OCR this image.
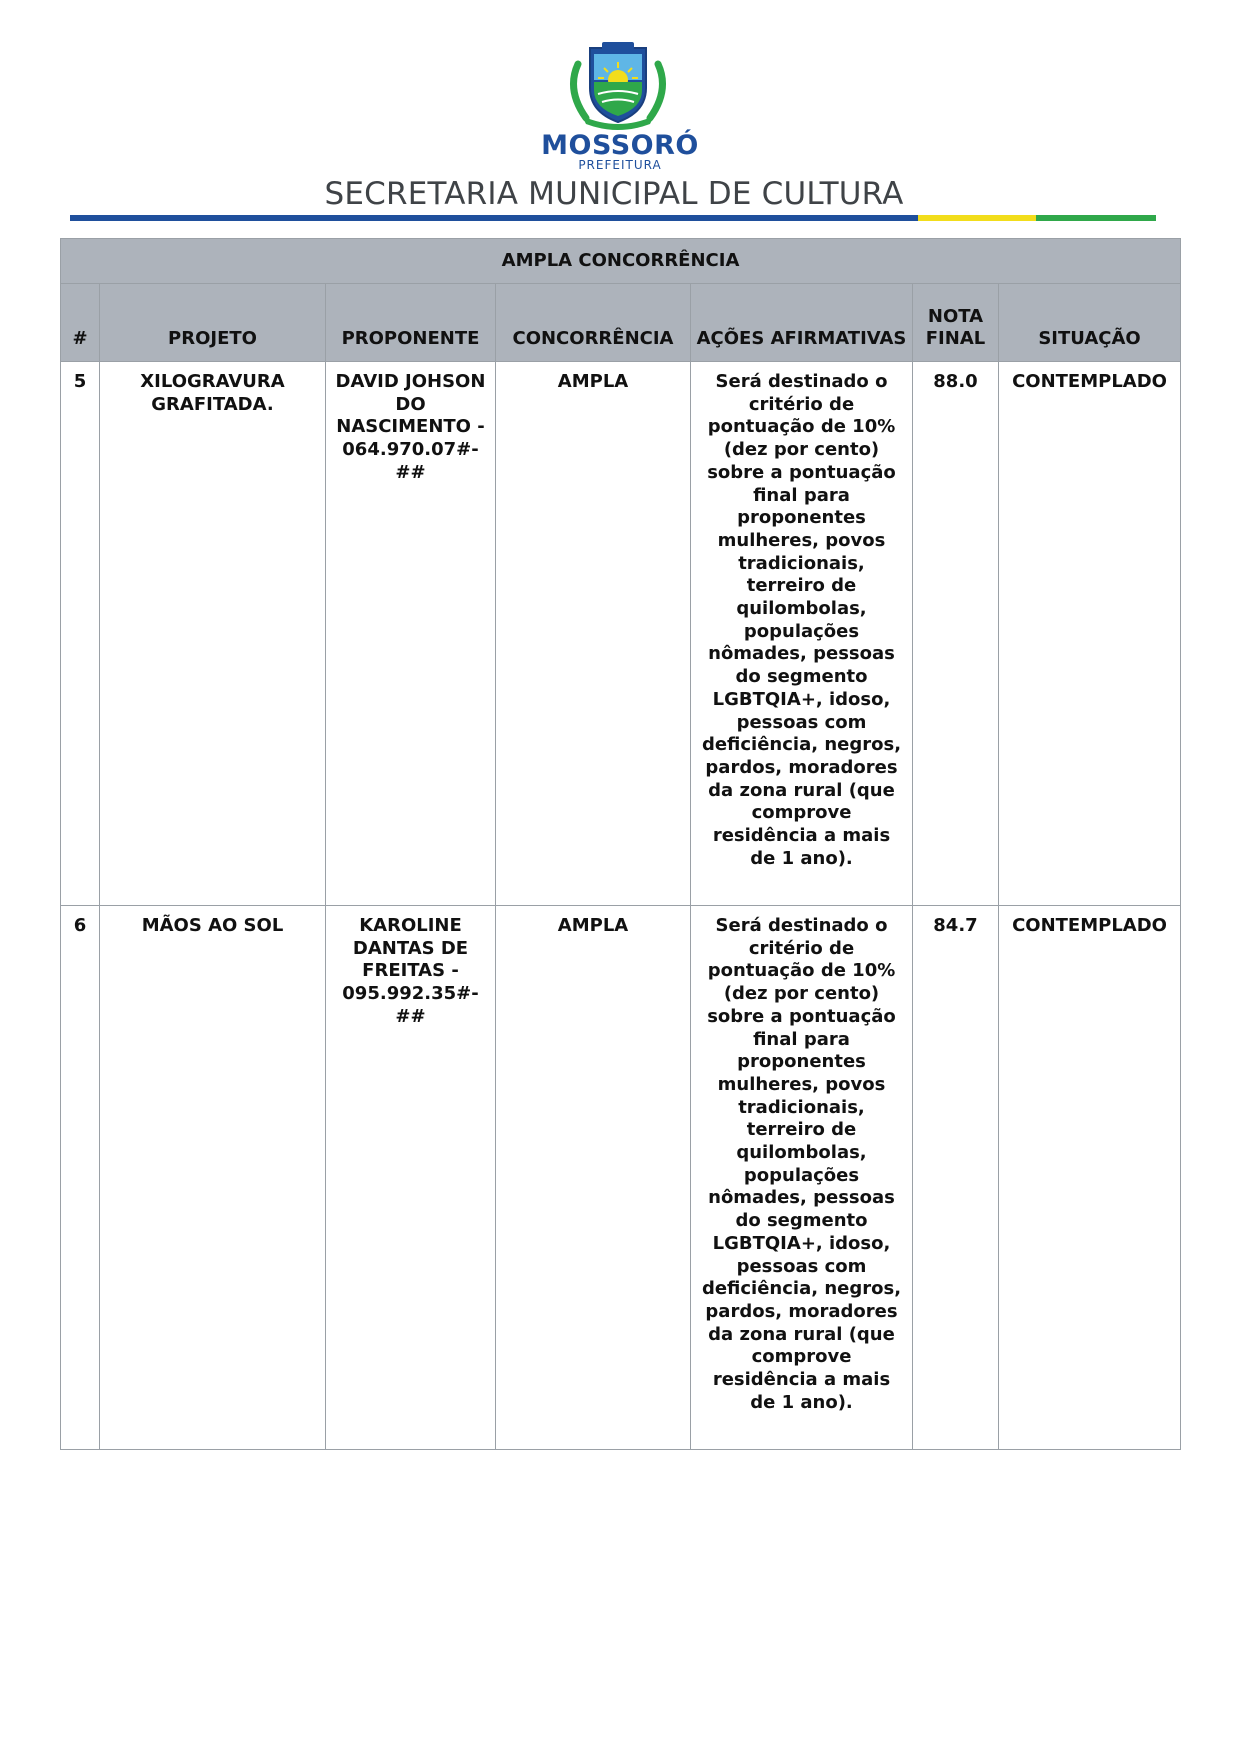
MOSSORÓ
PREFEITURA
SECRETARIA MUNICIPAL DE CULTURA
AMPLA CONCORRÊNCIA						
#	PROJETO	PROPONENTE	CONCORRÊNCIA	AÇÕES AFIRMATIVAS	NOTA FINAL	SITUAÇÃO
5	XILOGRAVURA GRAFITADA.	DAVID JOHSON DO NASCIMENTO - 064.970.07#-##	AMPLA	Será destinado o critério de pontuação de 10% (dez por cento) sobre a pontuação final para proponentes mulheres, povos tradicionais, terreiro de quilombolas, populações nômades, pessoas do segmento LGBTQIA+, idoso, pessoas com deficiência, negros, pardos, moradores da zona rural (que comprove residência a mais de 1 ano).	88.0	CONTEMPLADO
6	MÃOS AO SOL	KAROLINE DANTAS DE FREITAS - 095.992.35#-##	AMPLA	Será destinado o critério de pontuação de 10% (dez por cento) sobre a pontuação final para proponentes mulheres, povos tradicionais, terreiro de quilombolas, populações nômades, pessoas do segmento LGBTQIA+, idoso, pessoas com deficiência, negros, pardos, moradores da zona rural (que comprove residência a mais de 1 ano).	84.7	CONTEMPLADO
